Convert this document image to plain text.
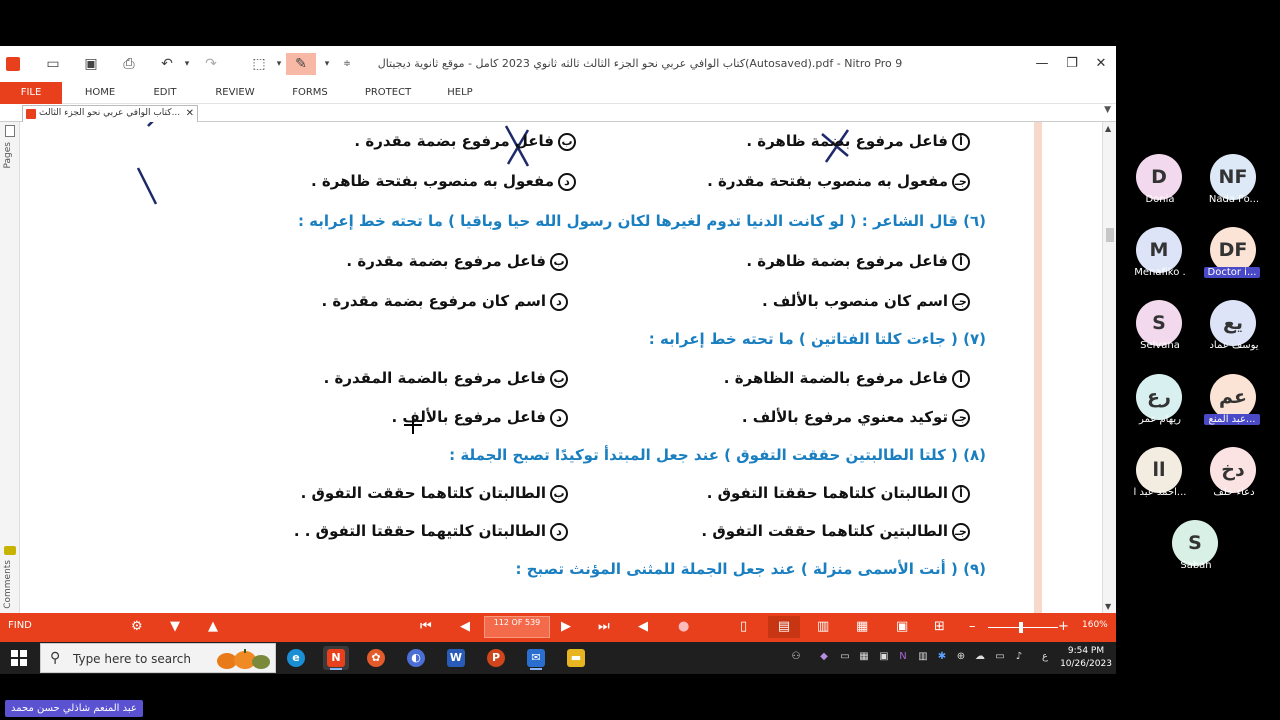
▭ ▣ ⎙ ↶	▾	↷	⬚	▾ ✎	▾	≑	كتاب الوافي عربي نحو الجزء الثالث ثالثه ثانوي 2023 كامل - موقع ثانوية ديجيتال(Autosaved).pdf - Nitro Pro 9	—	❐	✕
FILE	HOME	EDIT	REVIEW	FORMS	PROTECT	HELP
كتاب الوافي عربي نحو الجزء الثالث... ✕	▼
Pages
Comments
أفاعل مرفوع بضمة ظاهرة .
بفاعل مرفوع بضمة مقدرة .
جـمفعول به منصوب بفتحة مقدرة .
دمفعول به منصوب بفتحة ظاهرة .
(٦) قال الشاعر : ( لو كانت الدنيا تدوم لغيرها لكان رسول الله حيا وباقيا ) ما تحته خط إعرابه :
أفاعل مرفوع بضمة ظاهرة .
بفاعل مرفوع بضمة مقدرة .
جـاسم كان منصوب بالألف .
داسم كان مرفوع بضمة مقدرة .
(٧) ( جاءت كلتا الفتاتين ) ما تحته خط إعرابه :
أفاعل مرفوع بالضمة الظاهرة .
بفاعل مرفوع بالضمة المقدرة .
جـتوكيد معنوي مرفوع بالألف .
دفاعل مرفوع بالألف .
(٨) ( كلتا الطالبتين حققت التفوق ) عند جعل المبتدأ توكيدًا تصبح الجملة :
أالطالبتان كلتاهما حققتا التفوق .
بالطالبتان كلتاهما حققت التفوق .
جـالطالبتين كلتاهما حققت التفوق .
دالطالبتان كلتيهما حققتا التفوق . .
(٩) ( أنت الأسمى منزلة ) عند جعل الجملة للمثنى المؤنث تصبح :
▲
▼
FIND	⚙ ▼ ▲	⏮ ◀	112 OF 539	▶ ⏭ ◀ ●	▯	▤	▥ ▦ ▣ ⊞ –	+ 160%
⚲ Type here to search	e	N	✿	◐	W	P	✉	▬	⚇ ◆ ▭ ▦ ▣ N ▥ ✱ ⊕ ☁ ▭ ♪	ع	9:54 PM
10/26/2023
D
Donia
NF
Nada Fo...
M
Menafiko .
DF
Doctor i...
S
Selvana
يع
يوسف عماد
رع
ريهام عمر
عم
عبد المنع...
اا
احمد عبد ا...
دخ
دعاء خلف
S
Sabah
عبد المنعم شاذلي حسن محمد
